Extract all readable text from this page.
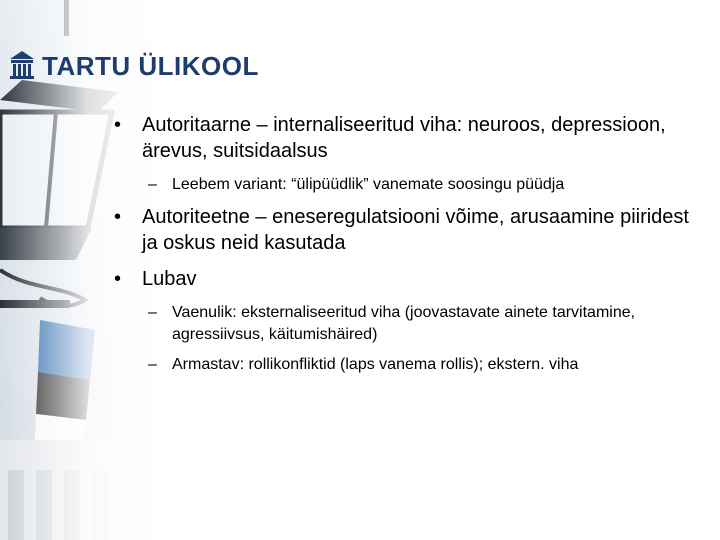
TARTU ÜLIKOOL
• Autoritaarne – internaliseeritud viha: neuroos, depressioon, ärevus, suitsidaalsus
– Leebem variant: “ülipüüdlik” vanemate soosingu püüdja
• Autoriteetne – eneseregulatsiooni võime, arusaamine piiridest ja oskus neid kasutada
• Lubav
– Vaenulik: eksternaliseeritud viha (joovastavate ainete tarvitamine, agressiivsus, käitumishäired)
– Armastav: rollikonfliktid (laps vanema rollis); ekstern. viha
